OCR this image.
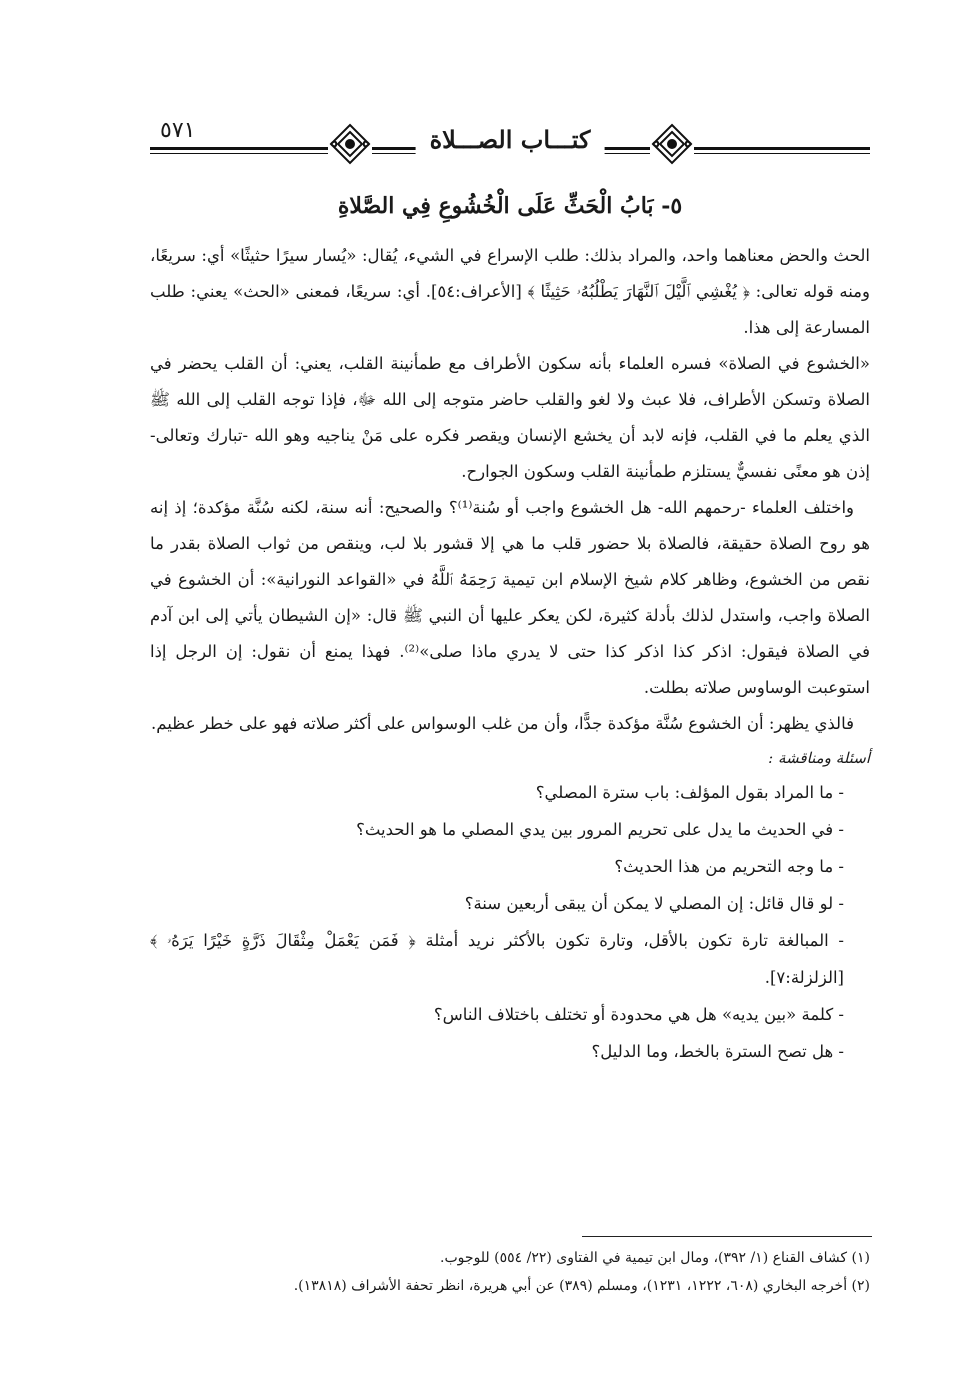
كتـــاب الصـــلاة
٥٧١
٥- بَابُ الْحَثِّ عَلَى الْخُشُوعِ فِي الصَّلاةِ

الحث والحض معناهما واحد، والمراد بذلك: طلب الإسراع في الشيء، يُقال: «يُسار سيرًا حثيثًا» أي: سريعًا، ومنه قوله تعالى: ﴿ يُغْشِي ٱلَّيْلَ ٱلنَّهَارَ يَطْلُبُهُۥ حَثِيثًا ﴾ [الأعراف:٥٤]. أي: سريعًا، فمعنى «الحث» يعني: طلب المسارعة إلى هذا.

«الخشوع في الصلاة» فسره العلماء بأنه سكون الأطراف مع طمأنينة القلب، يعني: أن القلب يحضر في الصلاة وتسكن الأطراف، فلا عبث ولا لغو والقلب حاضر متوجه إلى الله ﷻ، فإذا توجه القلب إلى الله ﷺ الذي يعلم ما في القلب، فإنه لابد أن يخشع الإنسان ويقصر فكره على مَنْ يناجيه وهو الله -تبارك وتعالى- إذن هو معنًى نفسيٌّ يستلزم طمأنينة القلب وسكون الجوارح.

واختلف العلماء -رحمهم الله- هل الخشوع واجب أو سُنة⁽¹⁾؟ والصحيح: أنه سنة، لكنه سُنَّة مؤكدة؛ إذ إنه هو روح الصلاة حقيقة، فالصلاة بلا حضور قلب ما هي إلا قشور بلا لب، وينقص من ثواب الصلاة بقدر ما نقص من الخشوع، وظاهر كلام شيخ الإسلام ابن تيمية رَحِمَهُ ٱللَّهُ في «القواعد النورانية»: أن الخشوع في الصلاة واجب، واستدل لذلك بأدلة كثيرة، لكن يعكر عليها أن النبي ﷺ قال: «إن الشيطان يأتي إلى ابن آدم في الصلاة فيقول: اذكر كذا اذكر كذا حتى لا يدري ماذا صلى»⁽²⁾. فهذا يمنع أن نقول: إن الرجل إذا استوعبت الوساوس صلاته بطلت.

فالذي يظهر: أن الخشوع سُنَّة مؤكدة جدًّا، وأن من غلب الوسواس على أكثر صلاته فهو على خطر عظيم.

أسئلة ومناقشة :

- ما المراد بقول المؤلف: باب سترة المصلي؟
- في الحديث ما يدل على تحريم المرور بين يدي المصلي ما هو الحديث؟
- ما وجه التحريم من هذا الحديث؟
- لو قال قائل: إن المصلي لا يمكن أن يبقى أربعين سنة؟
- المبالغة تارة تكون بالأقل، وتارة تكون بالأكثر نريد أمثلة ﴿ فَمَن يَعْمَلْ مِثْقَالَ ذَرَّةٍ خَيْرًا يَرَهُۥ ﴾ [الزلزلة:٧].
- كلمة «بين يديه» هل هي محدودة أو تختلف باختلاف الناس؟
- هل تصح السترة بالخط، وما الدليل؟

(١) كشاف القناع (١/ ٣٩٢)، ومال ابن تيمية في الفتاوى (٢٢/ ٥٥٤) للوجوب.

(٢) أخرجه البخاري (٦٠٨، ١٢٢٢، ١٢٣١)، ومسلم (٣٨٩) عن أبي هريرة، انظر تحفة الأشراف (١٣٨١٨).
